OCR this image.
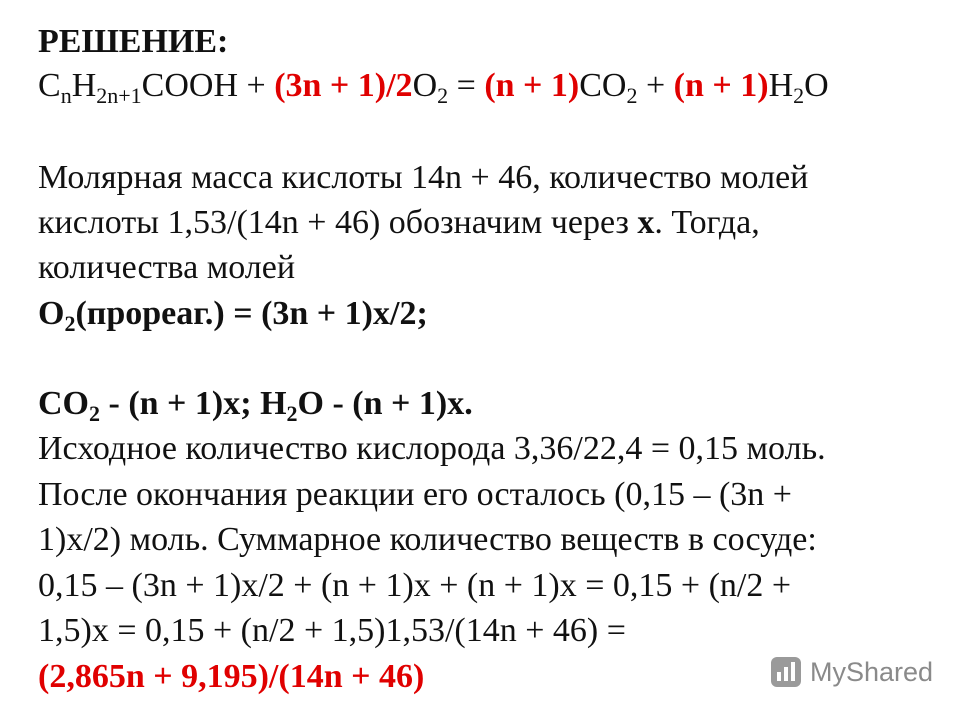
РЕШЕНИЕ:
$C_nH_{2n+1}COOH + (3n + 1)/2O_2 = (n + 1)CO_2 + (n + 1)H_2O$
Молярная масса кислоты 14n + 46, количество молей
кислоты 1,53/(14n + 46) обозначим через x. Тогда,
количества молей
$O_2(прореаг.) = (3n + 1)x/2$;
$CO_2 - (n + 1)x$; $H_2O - (n + 1)x$.
Исходное количество кислорода 3,36/22,4 = 0,15 моль.
После окончания реакции его осталось (0,15 – (3n +
1)x/2) моль. Суммарное количество веществ в сосуде:
0,15 – (3n + 1)x/2 + (n + 1)x + (n + 1)x = 0,15 + (n/2 +
1,5)x = 0,15 + (n/2 + 1,5)1,53/(14n + 46) =
(2,865n + 9,195)/(14n + 46)	MyShared
